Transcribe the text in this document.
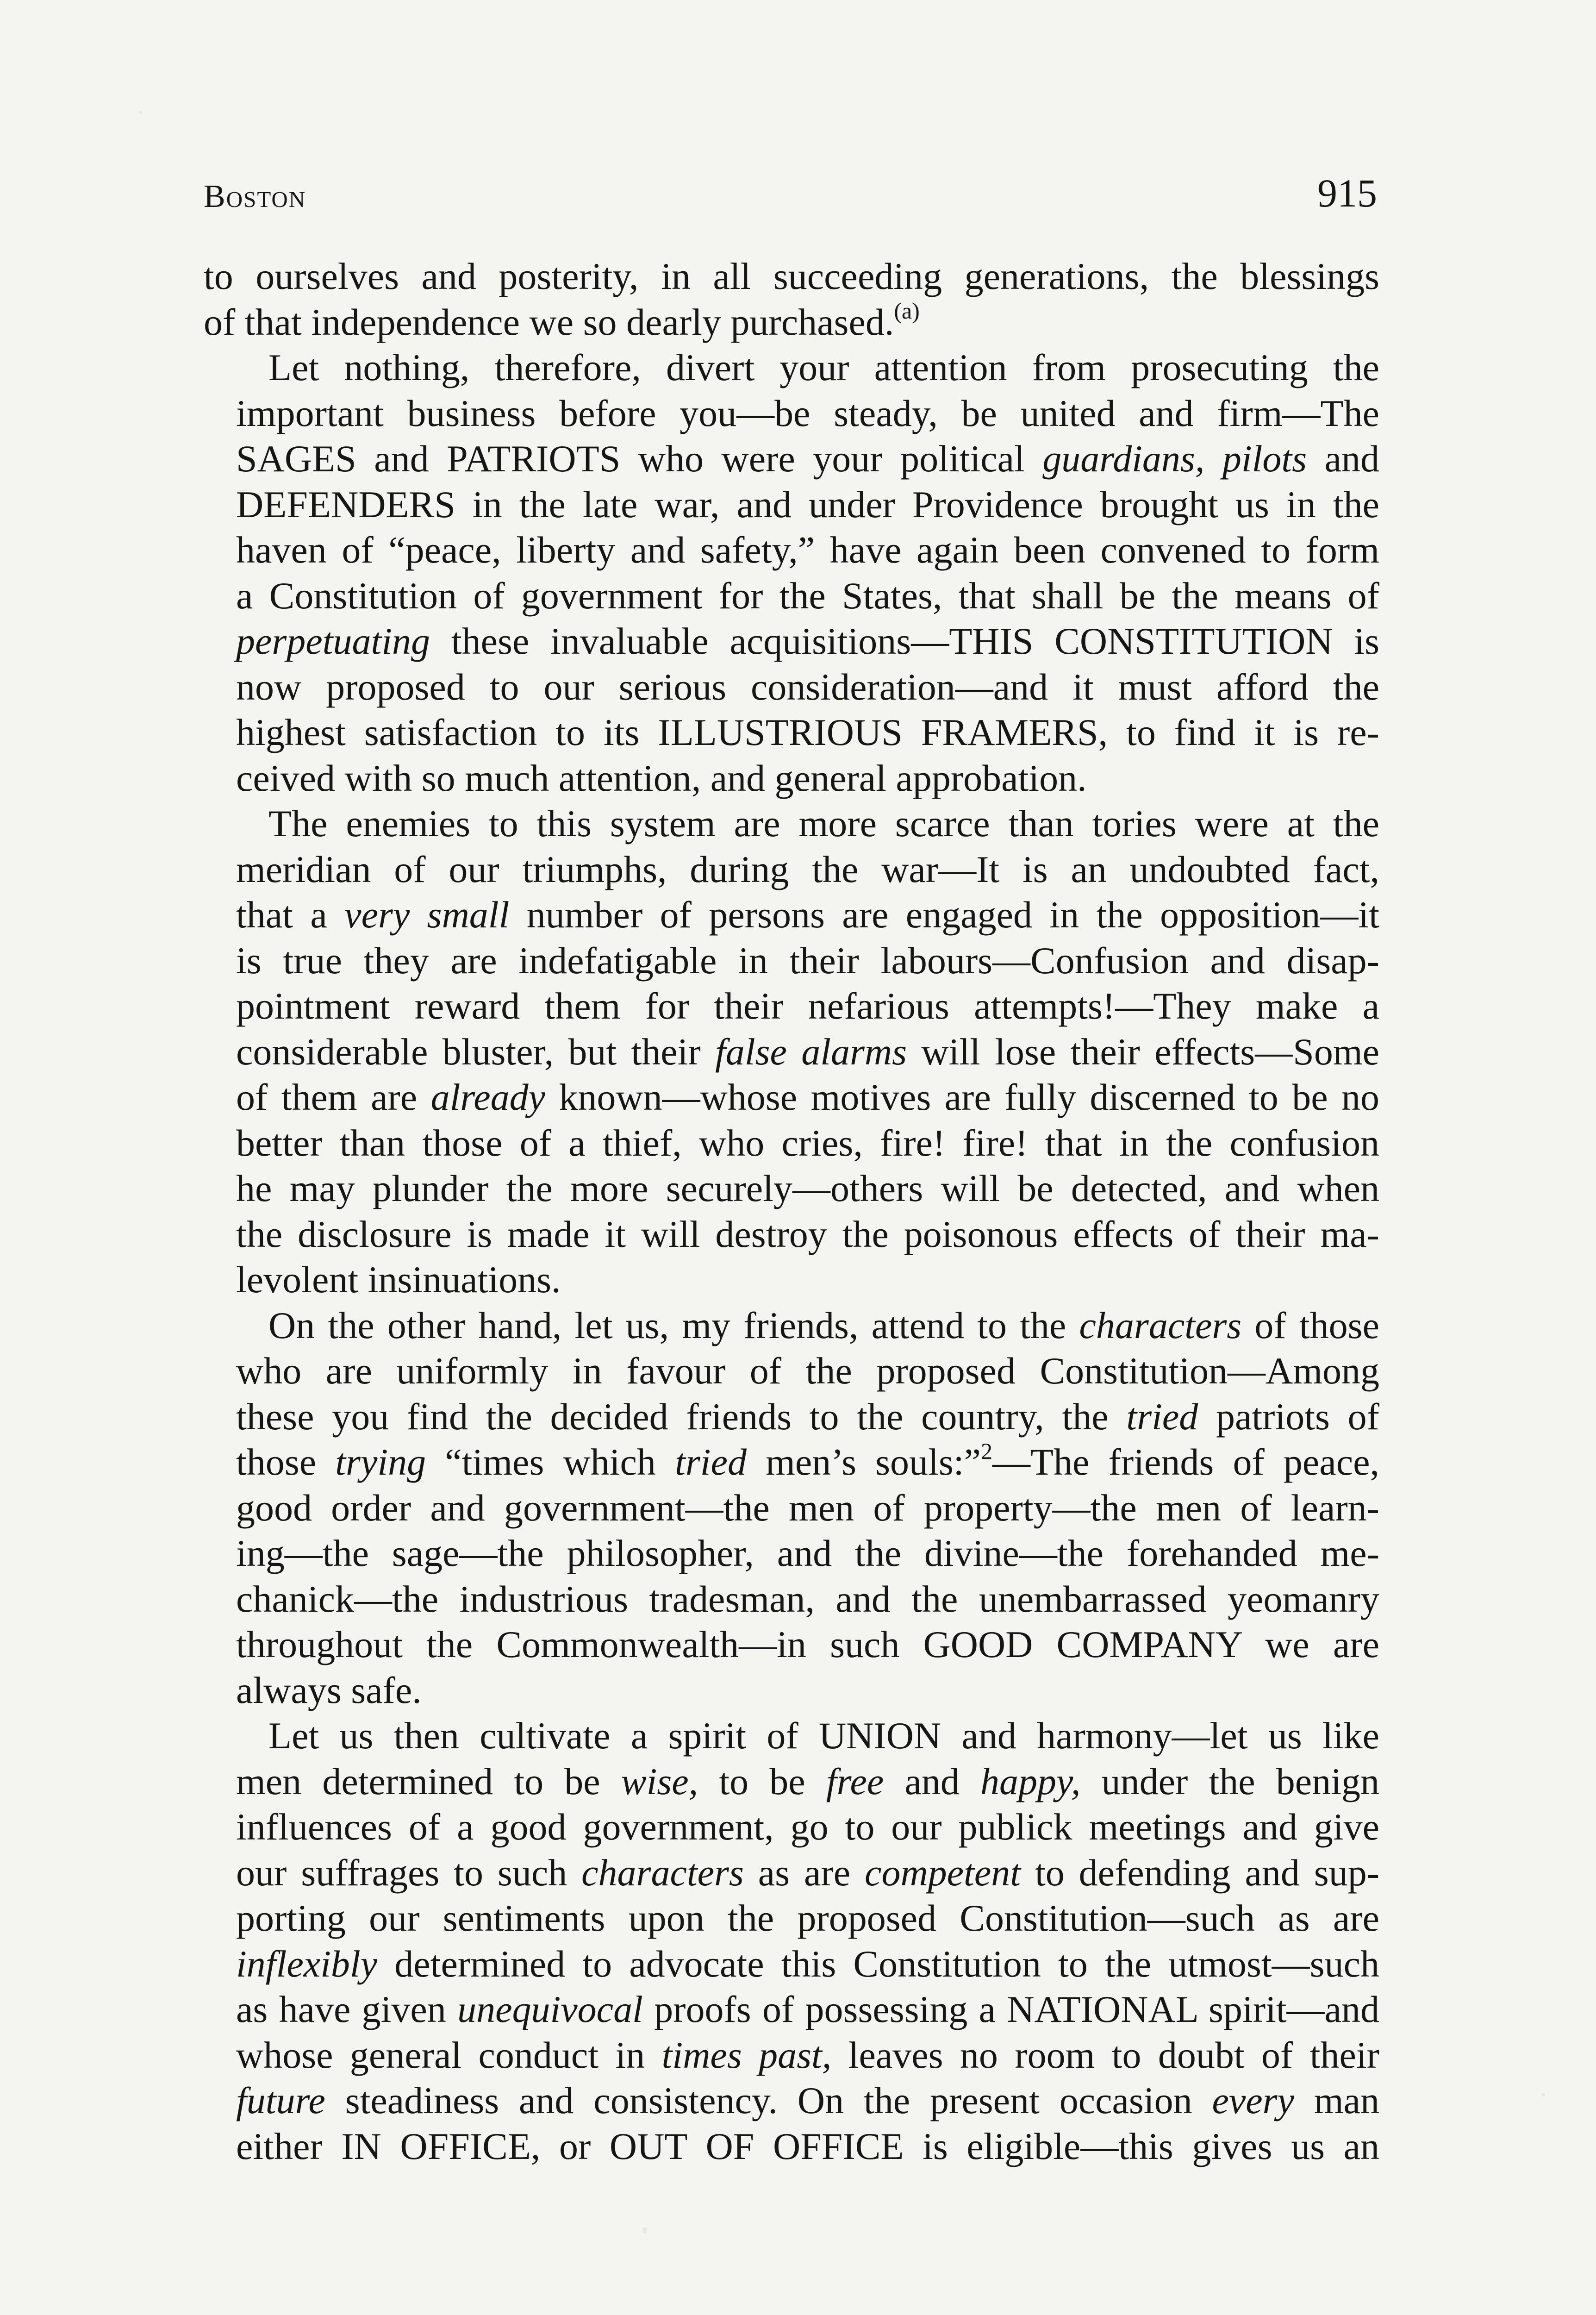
Boston	915
to ourselves and posterity, in all succeeding generations, the blessings
of that independence we so dearly purchased.$^{(a)}$
Let nothing, therefore, divert your attention from prosecuting the
important business before you—be steady, be united and firm—The
SAGES and PATRIOTS who were your political guardians, pilots and
DEFENDERS in the late war, and under Providence brought us in the
haven of “peace, liberty and safety,” have again been convened to form
a Constitution of government for the States, that shall be the means of
perpetuating these invaluable acquisitions—THIS CONSTITUTION is
now proposed to our serious consideration—and it must afford the
highest satisfaction to its ILLUSTRIOUS FRAMERS, to find it is re-
ceived with so much attention, and general approbation.
The enemies to this system are more scarce than tories were at the
meridian of our triumphs, during the war—It is an undoubted fact,
that a very small number of persons are engaged in the opposition—it
is true they are indefatigable in their labours—Confusion and disap-
pointment reward them for their nefarious attempts!—They make a
considerable bluster, but their false alarms will lose their effects—Some
of them are already known—whose motives are fully discerned to be no
better than those of a thief, who cries, fire! fire! that in the confusion
he may plunder the more securely—others will be detected, and when
the disclosure is made it will destroy the poisonous effects of their ma-
levolent insinuations.
On the other hand, let us, my friends, attend to the characters of those
who are uniformly in favour of the proposed Constitution—Among
these you find the decided friends to the country, the tried patriots of
those trying “times which tried men’s souls:”$^2$—The friends of peace,
good order and government—the men of property—the men of learn-
ing—the sage—the philosopher, and the divine—the forehanded me-
chanick—the industrious tradesman, and the unembarrassed yeomanry
throughout the Commonwealth—in such GOOD COMPANY we are
always safe.
Let us then cultivate a spirit of UNION and harmony—let us like
men determined to be wise, to be free and happy, under the benign
influences of a good government, go to our publick meetings and give
our suffrages to such characters as are competent to defending and sup-
porting our sentiments upon the proposed Constitution—such as are
inflexibly determined to advocate this Constitution to the utmost—such
as have given unequivocal proofs of possessing a NATIONAL spirit—and
whose general conduct in times past, leaves no room to doubt of their
future steadiness and consistency. On the present occasion every man
either IN OFFICE, or OUT OF OFFICE is eligible—this gives us an
